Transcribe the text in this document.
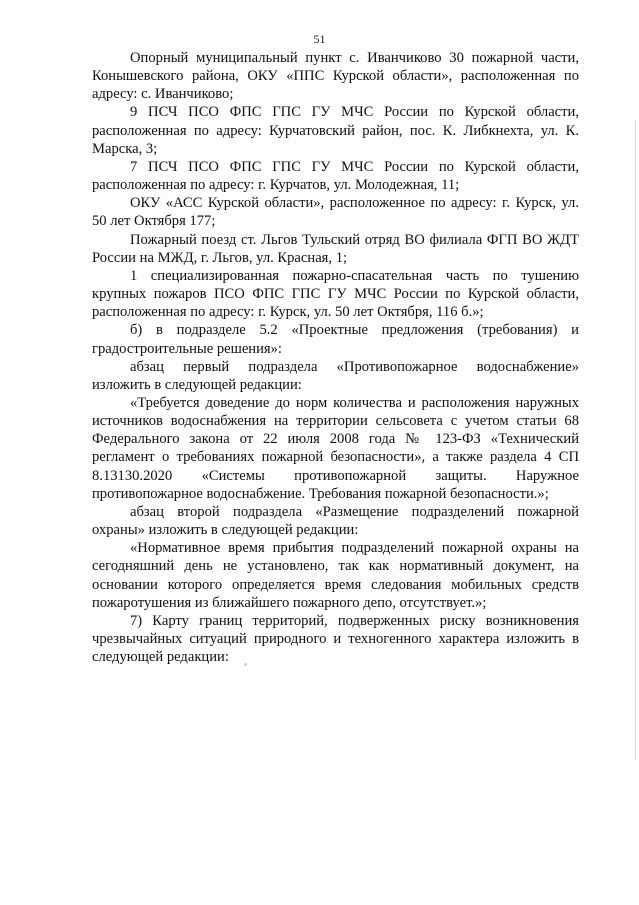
51

Опорный муниципальный пункт с. Иванчиково 30 пожарной части, Конышевского района, ОКУ «ППС Курской области», расположенная по адресу: с. Иванчиково;

9 ПСЧ ПСО ФПС ГПС ГУ МЧС России по Курской области, расположенная по адресу: Курчатовский район, пос. К. Либкнехта, ул. К. Марска, 3;

7 ПСЧ ПСО ФПС ГПС ГУ МЧС России по Курской области, расположенная по адресу: г. Курчатов, ул. Молодежная, 11;

ОКУ «АСС Курской области», расположенное по адресу: г. Курск, ул. 50 лет Октября 177;

Пожарный поезд ст. Льгов Тульский отряд ВО филиала ФГП ВО ЖДТ России на МЖД, г. Льгов, ул. Красная, 1;

1 специализированная пожарно-спасательная часть по тушению крупных пожаров ПСО ФПС ГПС ГУ МЧС России по Курской области, расположенная по адресу: г. Курск, ул. 50 лет Октября, 116 б.»;

б) в подразделе 5.2 «Проектные предложения (требования) и градостроительные решения»:

абзац первый подраздела «Противопожарное водоснабжение» изложить в следующей редакции:

«Требуется доведение до норм количества и расположения наружных источников водоснабжения на территории сельсовета с учетом статьи 68 Федерального закона от 22 июля 2008 года № 123-ФЗ «Технический регламент о требованиях пожарной безопасности», а также раздела 4 СП 8.13130.2020 «Системы противопожарной защиты. Наружное противопожарное водоснабжение. Требования пожарной безопасности.»;

абзац второй подраздела «Размещение подразделений пожарной охраны» изложить в следующей редакции:

«Нормативное время прибытия подразделений пожарной охраны на сегодняшний день не установлено, так как нормативный документ, на основании которого определяется время следования мобильных средств пожаротушения из ближайшего пожарного депо, отсутствует.»;

7) Карту границ территорий, подверженных риску возникновения чрезвычайных ситуаций природного и техногенного характера изложить в следующей редакции:
